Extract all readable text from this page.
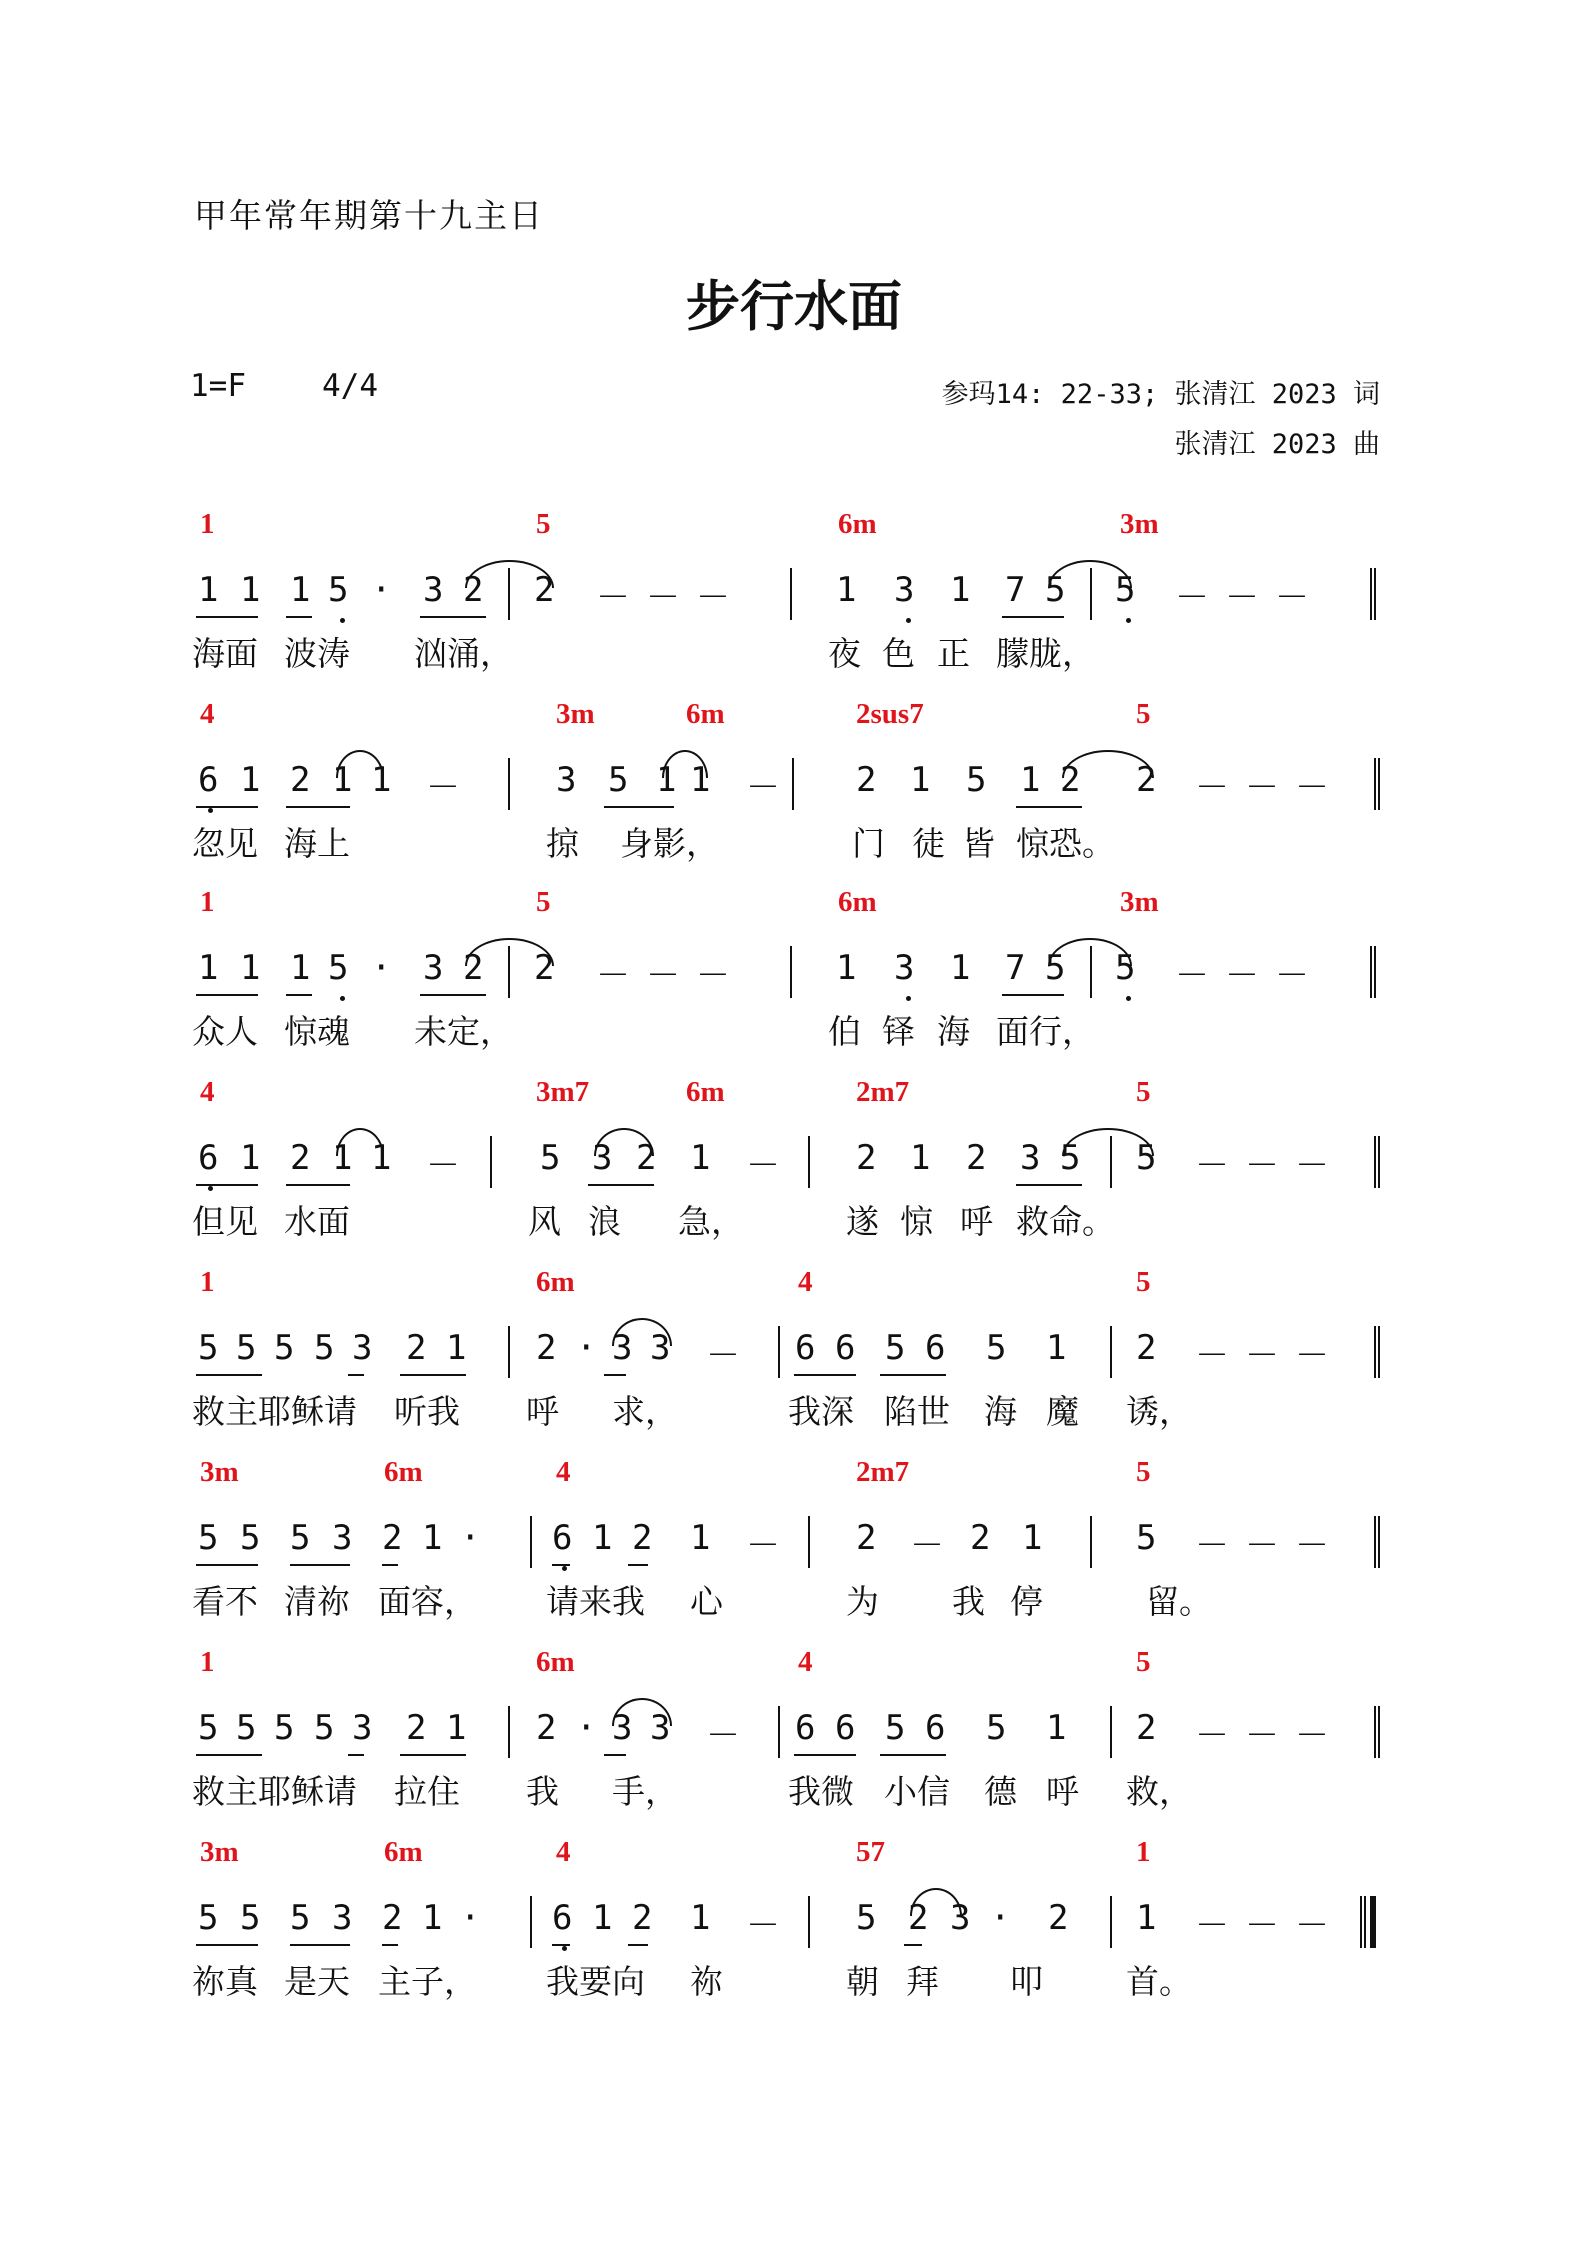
甲年常年期第十九主日
步行水面
1=F 4/4	参玛14: 22-33; 张清江 2023 词
张清江 2023 曲
1	5	6m	3m
1 1 1 5 · 3 2 2 － － －	1 3 1 7 5 5 － － －
海面 波涛 汹涌，	夜 色 正 朦胧，
4	3m	6m	2sus7	5
6 1 2 1 1 －	3 5 1 1 － 2 1 5 1 2 2 － － －
忽见 海上	掠 身影，	门 徒 皆 惊恐。
1	5	6m	3m
1 1 1 5 · 3 2 2 － － －	1 3 1 7 5 5 － － －
众人 惊魂 未定，	伯 铎 海 面行，
4	3m7	6m	2m7	5
6 1 2 1 1 － 5 3 2 1 － 2 1 2 3 5 5 － － －
但见 水面	风 浪 急，	遂 惊 呼 救命。
1	6m	4	5
5 5 5 5 3 2 1 2 · 3 3 － 6 6 5 6 5 1 2 － － －
救主耶稣请 听我 呼 求，	我深 陷世 海 魔 诱，
3m	6m	4	2m7	5
5 5 5 3 2 1 · 6 1 2 1 － 2 － 2 1	5 － － －
看不 清祢 面容， 请来我 心	为 我 停	留。
1	6m	4	5
5 5 5 5 3 2 1 2 · 3 3 － 6 6 5 6 5 1 2 － － －
救主耶稣请 拉住 我 手，	我微 小信 德 呼 救，
3m	6m	4	57	1
5 5 5 3 2 1 · 6 1 2 1 － 5 2 3 · 2 1 － － －
祢真 是天 主子， 我要向 祢	朝 拜 叩	首。
